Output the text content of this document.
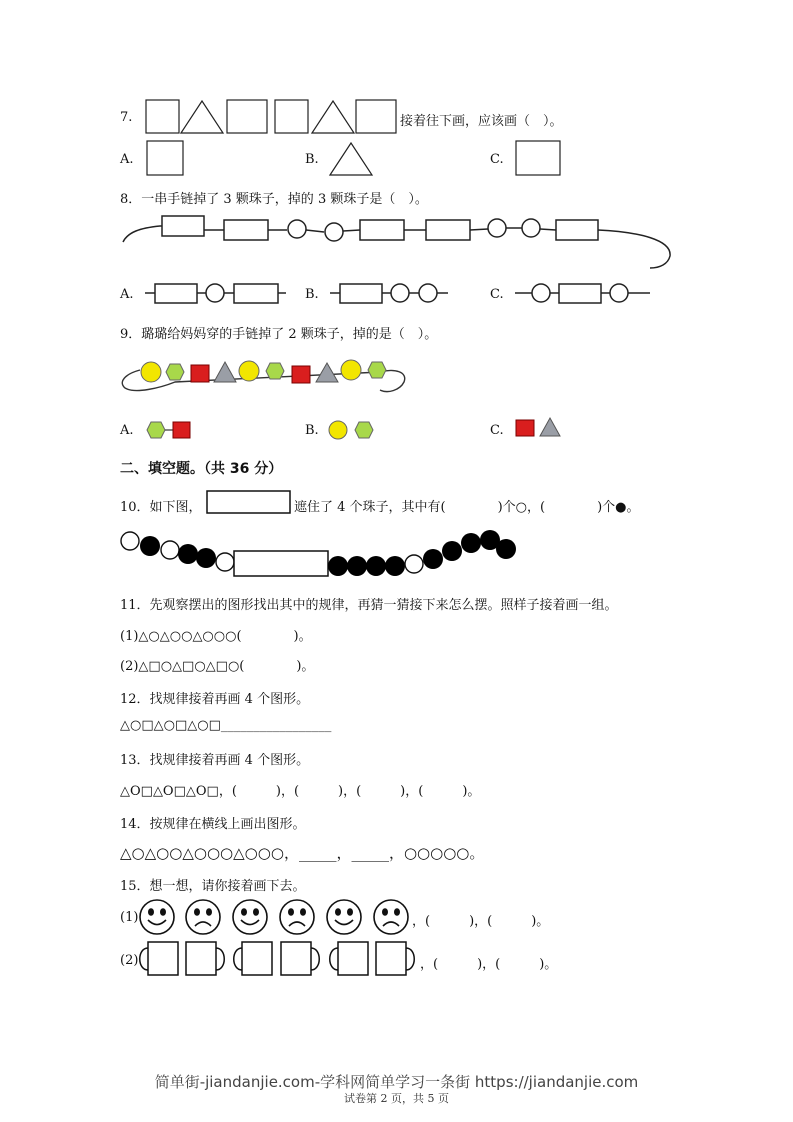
7.	接着往下画，应该画（　）。
A.	B.	C.
8．一串手链掉了 3 颗珠子，掉的 3 颗珠子是（　）。
A.	B.	C.
9．璐璐给妈妈穿的手链掉了 2 颗珠子，掉的是（　）。
A.	B.	C.
二、填空题。（共 36 分）
10．如下图，	遮住了 4 个珠子，其中有(　　　　)个○，(　　　　)个●。
11．先观察摆出的图形找出其中的规律，再猜一猜接下来怎么摆。照样子接着画一组。
(1)△○△○○△○○○(　　　　)。
(2)△□○△□○△□○(　　　　)。
12．找规律接着再画 4 个图形。
△○□△○□△○□_________________
13．找规律接着再画 4 个图形。
△O□△O□△O□，(　　　)，(　　　)，(　　　)，(　　　)。
14．按规律在横线上画出图形。
△○△○○△○○○△○○○，_____，_____，○○○○○。
15．想一想，请你接着画下去。
(1)	，(　　　)，(　　　)。
(2)	，(　　　)，(　　　)。
试卷第 2 页，共 5 页
简单街-jiandanjie.com-学科网简单学习一条街 https://jiandanjie.com
